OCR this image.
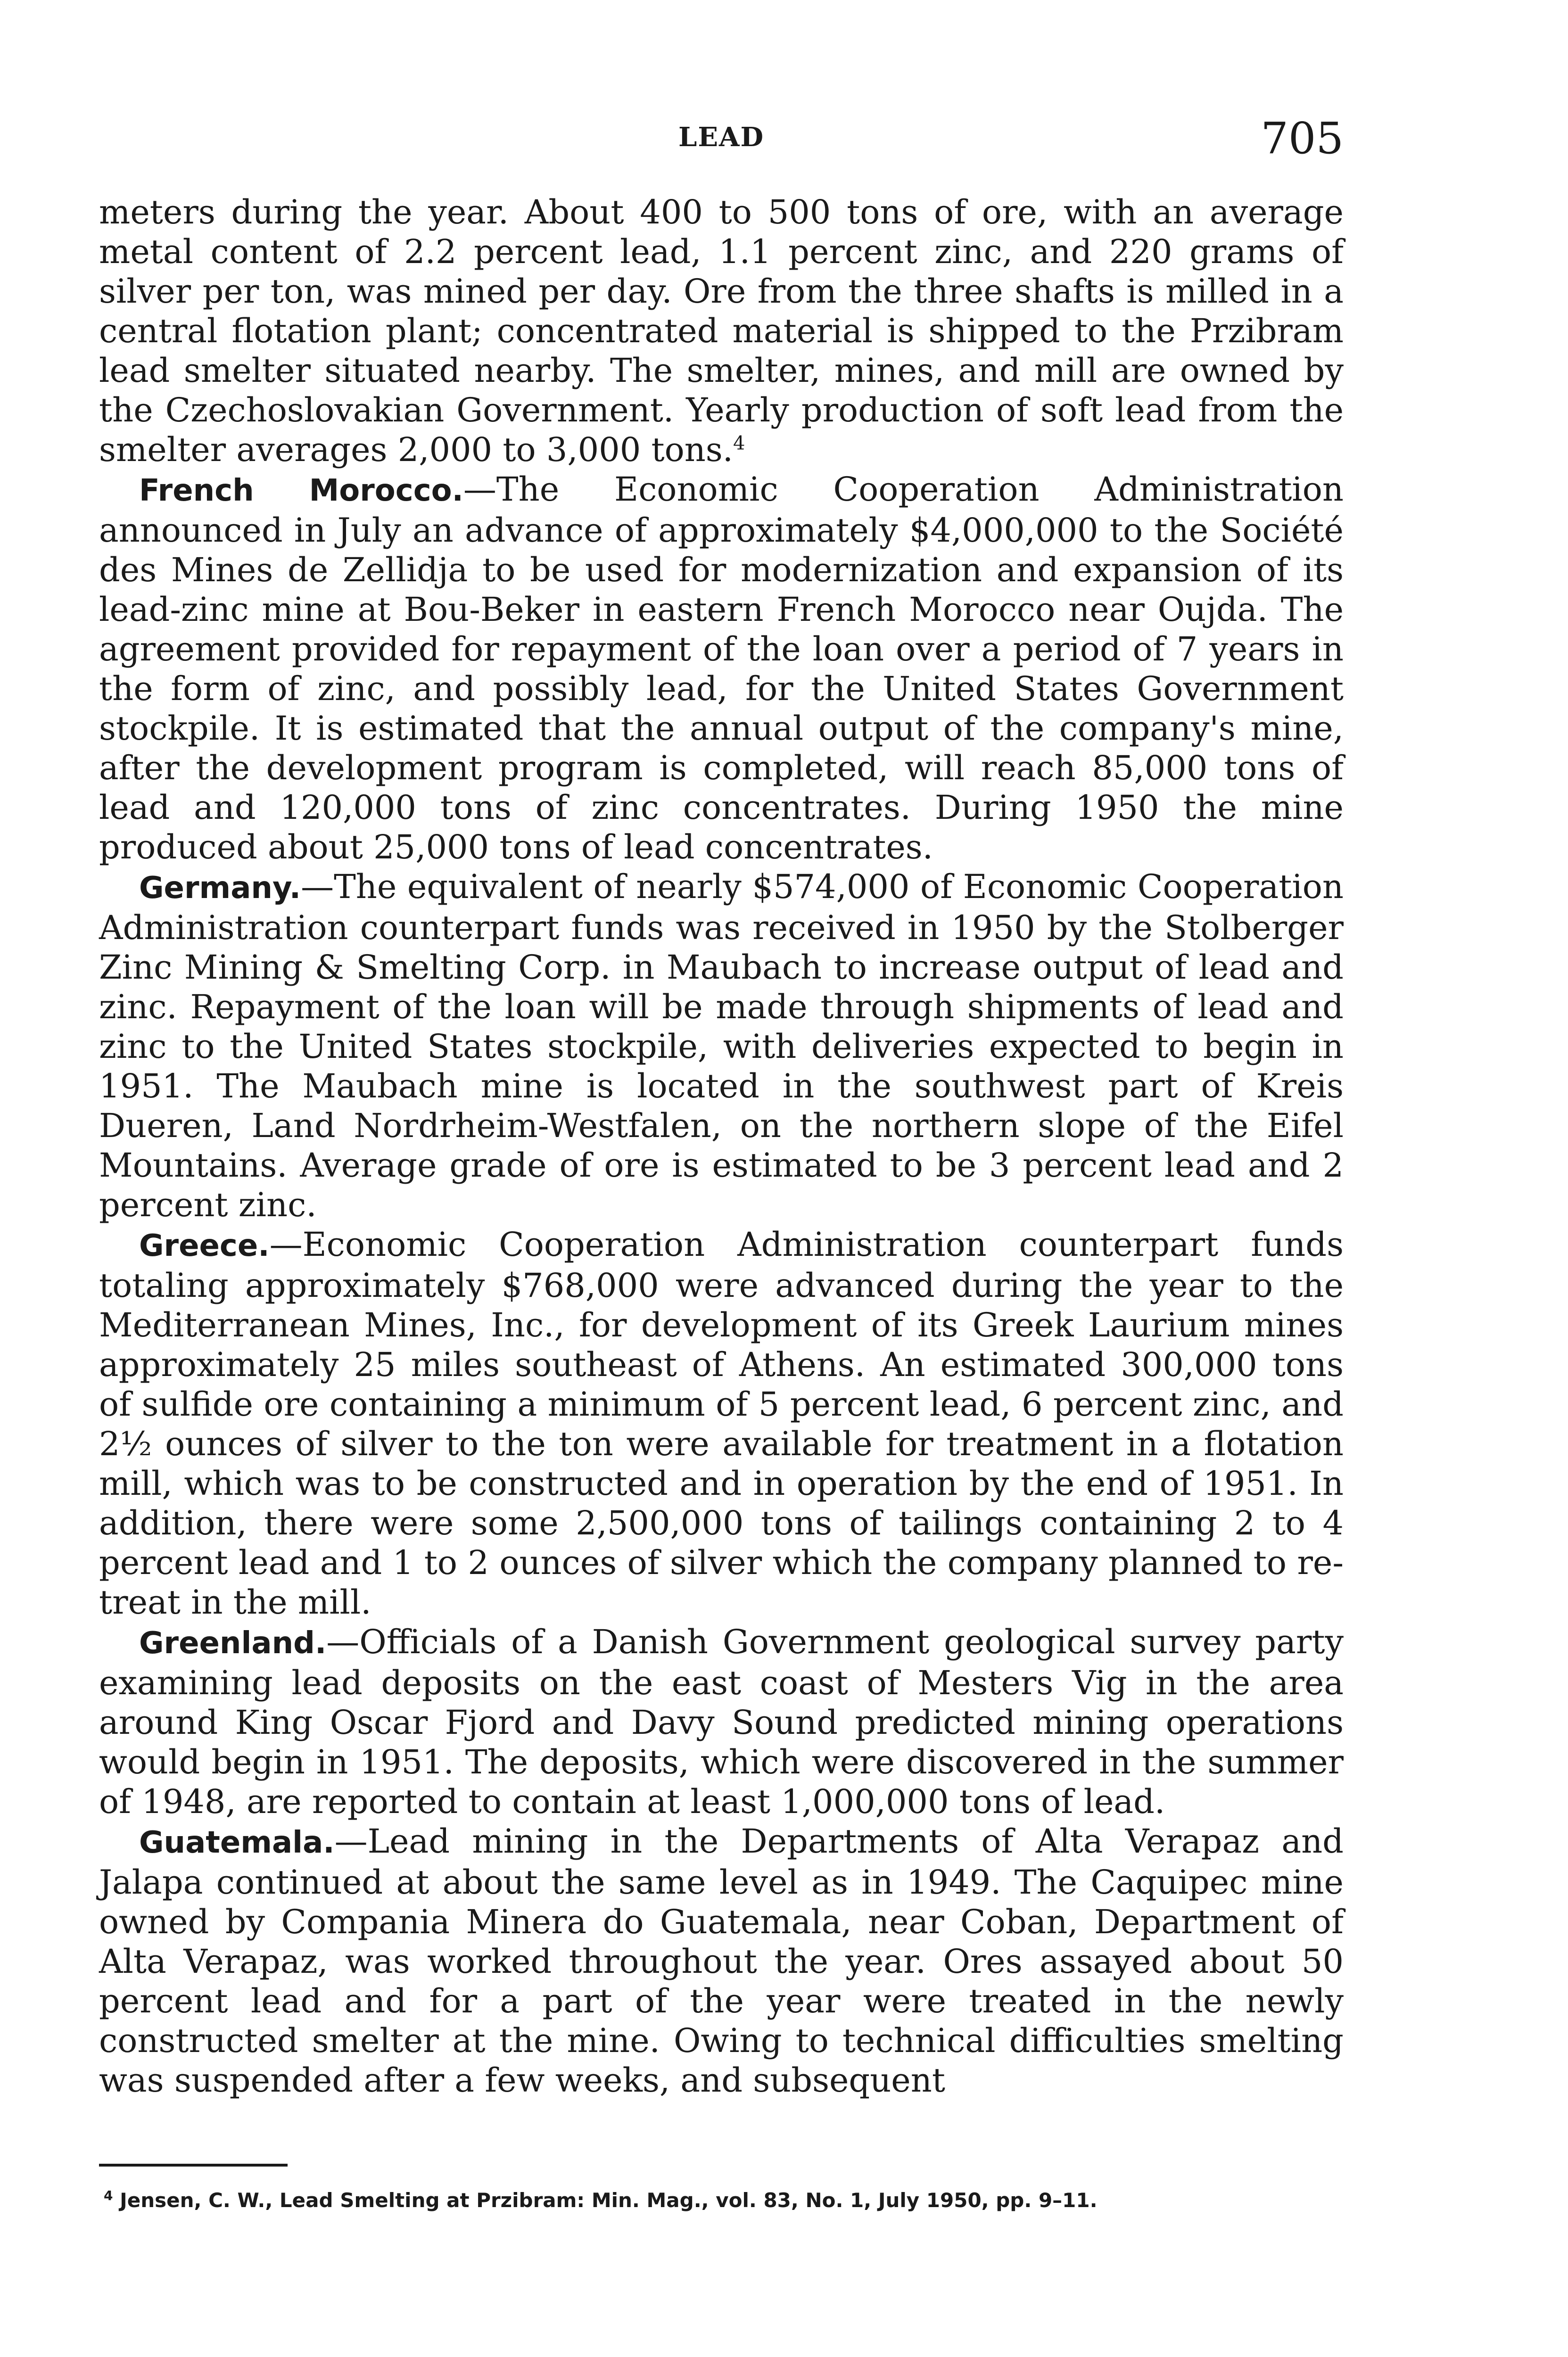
LEAD	705

meters during the year. About 400 to 500 tons of ore, with an average metal content of 2.2 percent lead, 1.1 percent zinc, and 220 grams of silver per ton, was mined per day. Ore from the three shafts is milled in a central flotation plant; concentrated material is shipped to the Przibram lead smelter situated nearby. The smelter, mines, and mill are owned by the Czechoslovakian Government. Yearly production of soft lead from the smelter averages 2,000 to 3,000 tons.$^4$

French Morocco.—The Economic Cooperation Administration announced in July an advance of approximately $4,000,000 to the Société des Mines de Zellidja to be used for modernization and expansion of its lead-zinc mine at Bou-Beker in eastern French Morocco near Oujda. The agreement provided for repayment of the loan over a period of 7 years in the form of zinc, and possibly lead, for the United States Government stockpile. It is estimated that the annual output of the company's mine, after the development program is completed, will reach 85,000 tons of lead and 120,000 tons of zinc concentrates. During 1950 the mine produced about 25,000 tons of lead concentrates.

Germany.—The equivalent of nearly $574,000 of Economic Cooperation Administration counterpart funds was received in 1950 by the Stolberger Zinc Mining & Smelting Corp. in Maubach to increase output of lead and zinc. Repayment of the loan will be made through shipments of lead and zinc to the United States stockpile, with deliveries expected to begin in 1951. The Maubach mine is located in the southwest part of Kreis Dueren, Land Nordrheim-Westfalen, on the northern slope of the Eifel Mountains. Average grade of ore is estimated to be 3 percent lead and 2 percent zinc.

Greece.—Economic Cooperation Administration counterpart funds totaling approximately $768,000 were advanced during the year to the Mediterranean Mines, Inc., for development of its Greek Laurium mines approximately 25 miles southeast of Athens. An estimated 300,000 tons of sulfide ore containing a minimum of 5 percent lead, 6 percent zinc, and 2½ ounces of silver to the ton were available for treatment in a flotation mill, which was to be constructed and in operation by the end of 1951. In addition, there were some 2,500,000 tons of tailings containing 2 to 4 percent lead and 1 to 2 ounces of silver which the company planned to re-treat in the mill.

Greenland.—Officials of a Danish Government geological survey party examining lead deposits on the east coast of Mesters Vig in the area around King Oscar Fjord and Davy Sound predicted mining operations would begin in 1951. The deposits, which were discovered in the summer of 1948, are reported to contain at least 1,000,000 tons of lead.

Guatemala.—Lead mining in the Departments of Alta Verapaz and Jalapa continued at about the same level as in 1949. The Caquipec mine owned by Compania Minera do Guatemala, near Coban, Department of Alta Verapaz, was worked throughout the year. Ores assayed about 50 percent lead and for a part of the year were treated in the newly constructed smelter at the mine. Owing to technical difficulties smelting was suspended after a few weeks, and subsequent

$^4$ Jensen, C. W., Lead Smelting at Przibram: Min. Mag., vol. 83, No. 1, July 1950, pp. 9–11.
